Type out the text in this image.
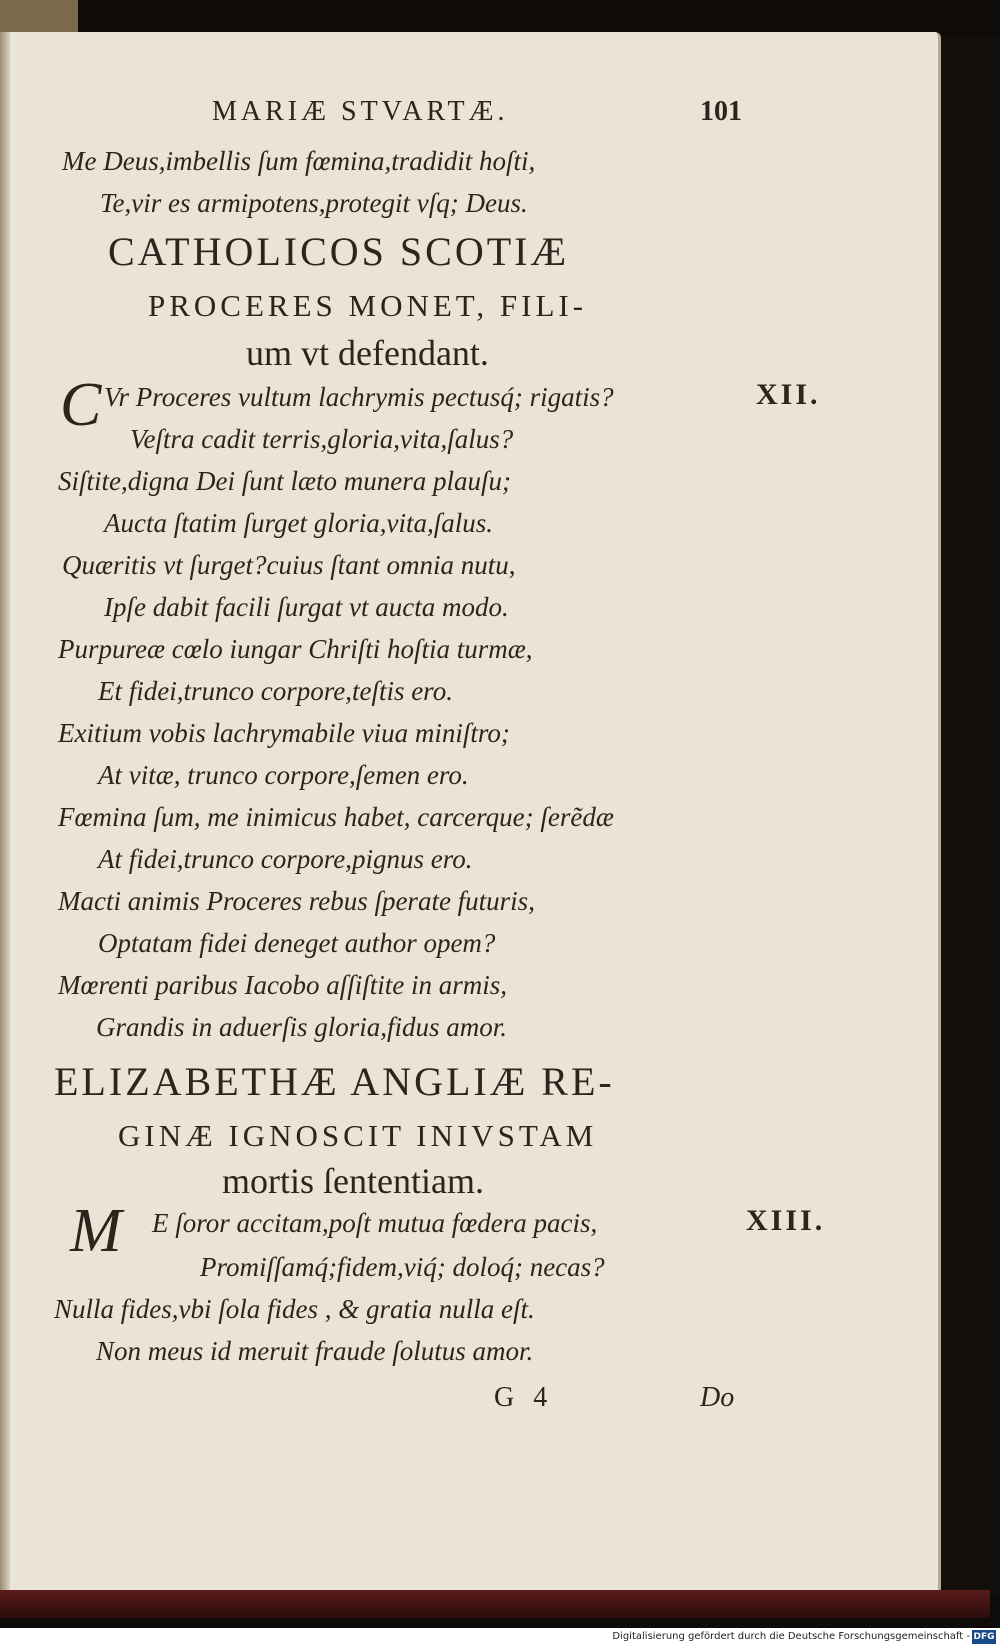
MARIÆ STVARTÆ.	101
Me Deus,imbellis ſum fœmina,tradidit hoſti,
Te,vir es armipotens,protegit vſq; Deus.
CATHOLICOS SCOTIÆ
PROCERES MONET, FILI-
um vt defendant.
C Vr Proceres vultum lachrymis pectusq́; rigatis?	XII.
Veſtra cadit terris,gloria,vita,ſalus?
Siſtite,digna Dei ſunt læto munera plauſu;
Aucta ſtatim ſurget gloria,vita,ſalus.
Quæritis vt ſurget?cuius ſtant omnia nutu,
Ipſe dabit facili ſurgat vt aucta modo.
Purpureæ cœlo iungar Chriſti hoſtia turmæ,
Et fidei,trunco corpore,teſtis ero.
Exitium vobis lachrymabile viua miniſtro;
At vitæ, trunco corpore,ſemen ero.
Fœmina ſum, me inimicus habet, carcerque; ſerẽdæ
At fidei,trunco corpore,pignus ero.
Macti animis Proceres rebus ſperate futuris,
Optatam fidei deneget author opem?
Mœrenti paribus Iacobo aſſiſtite in armis,
Grandis in aduerſis gloria,fidus amor.
ELIZABETHÆ ANGLIÆ RE-
GINÆ IGNOSCIT INIVSTAM
mortis ſententiam.
M E ſoror accitam,poſt mutua fœdera pacis,	XIII.
Promiſſamq́;fidem,viq́; doloq́; necas?
Nulla fides,vbi ſola fides , & gratia nulla eſt.
Non meus id meruit fraude ſolutus amor.
G 4	Do
Digitalisierung gefördert durch die Deutsche Forschungsgemeinschaft - DFG
